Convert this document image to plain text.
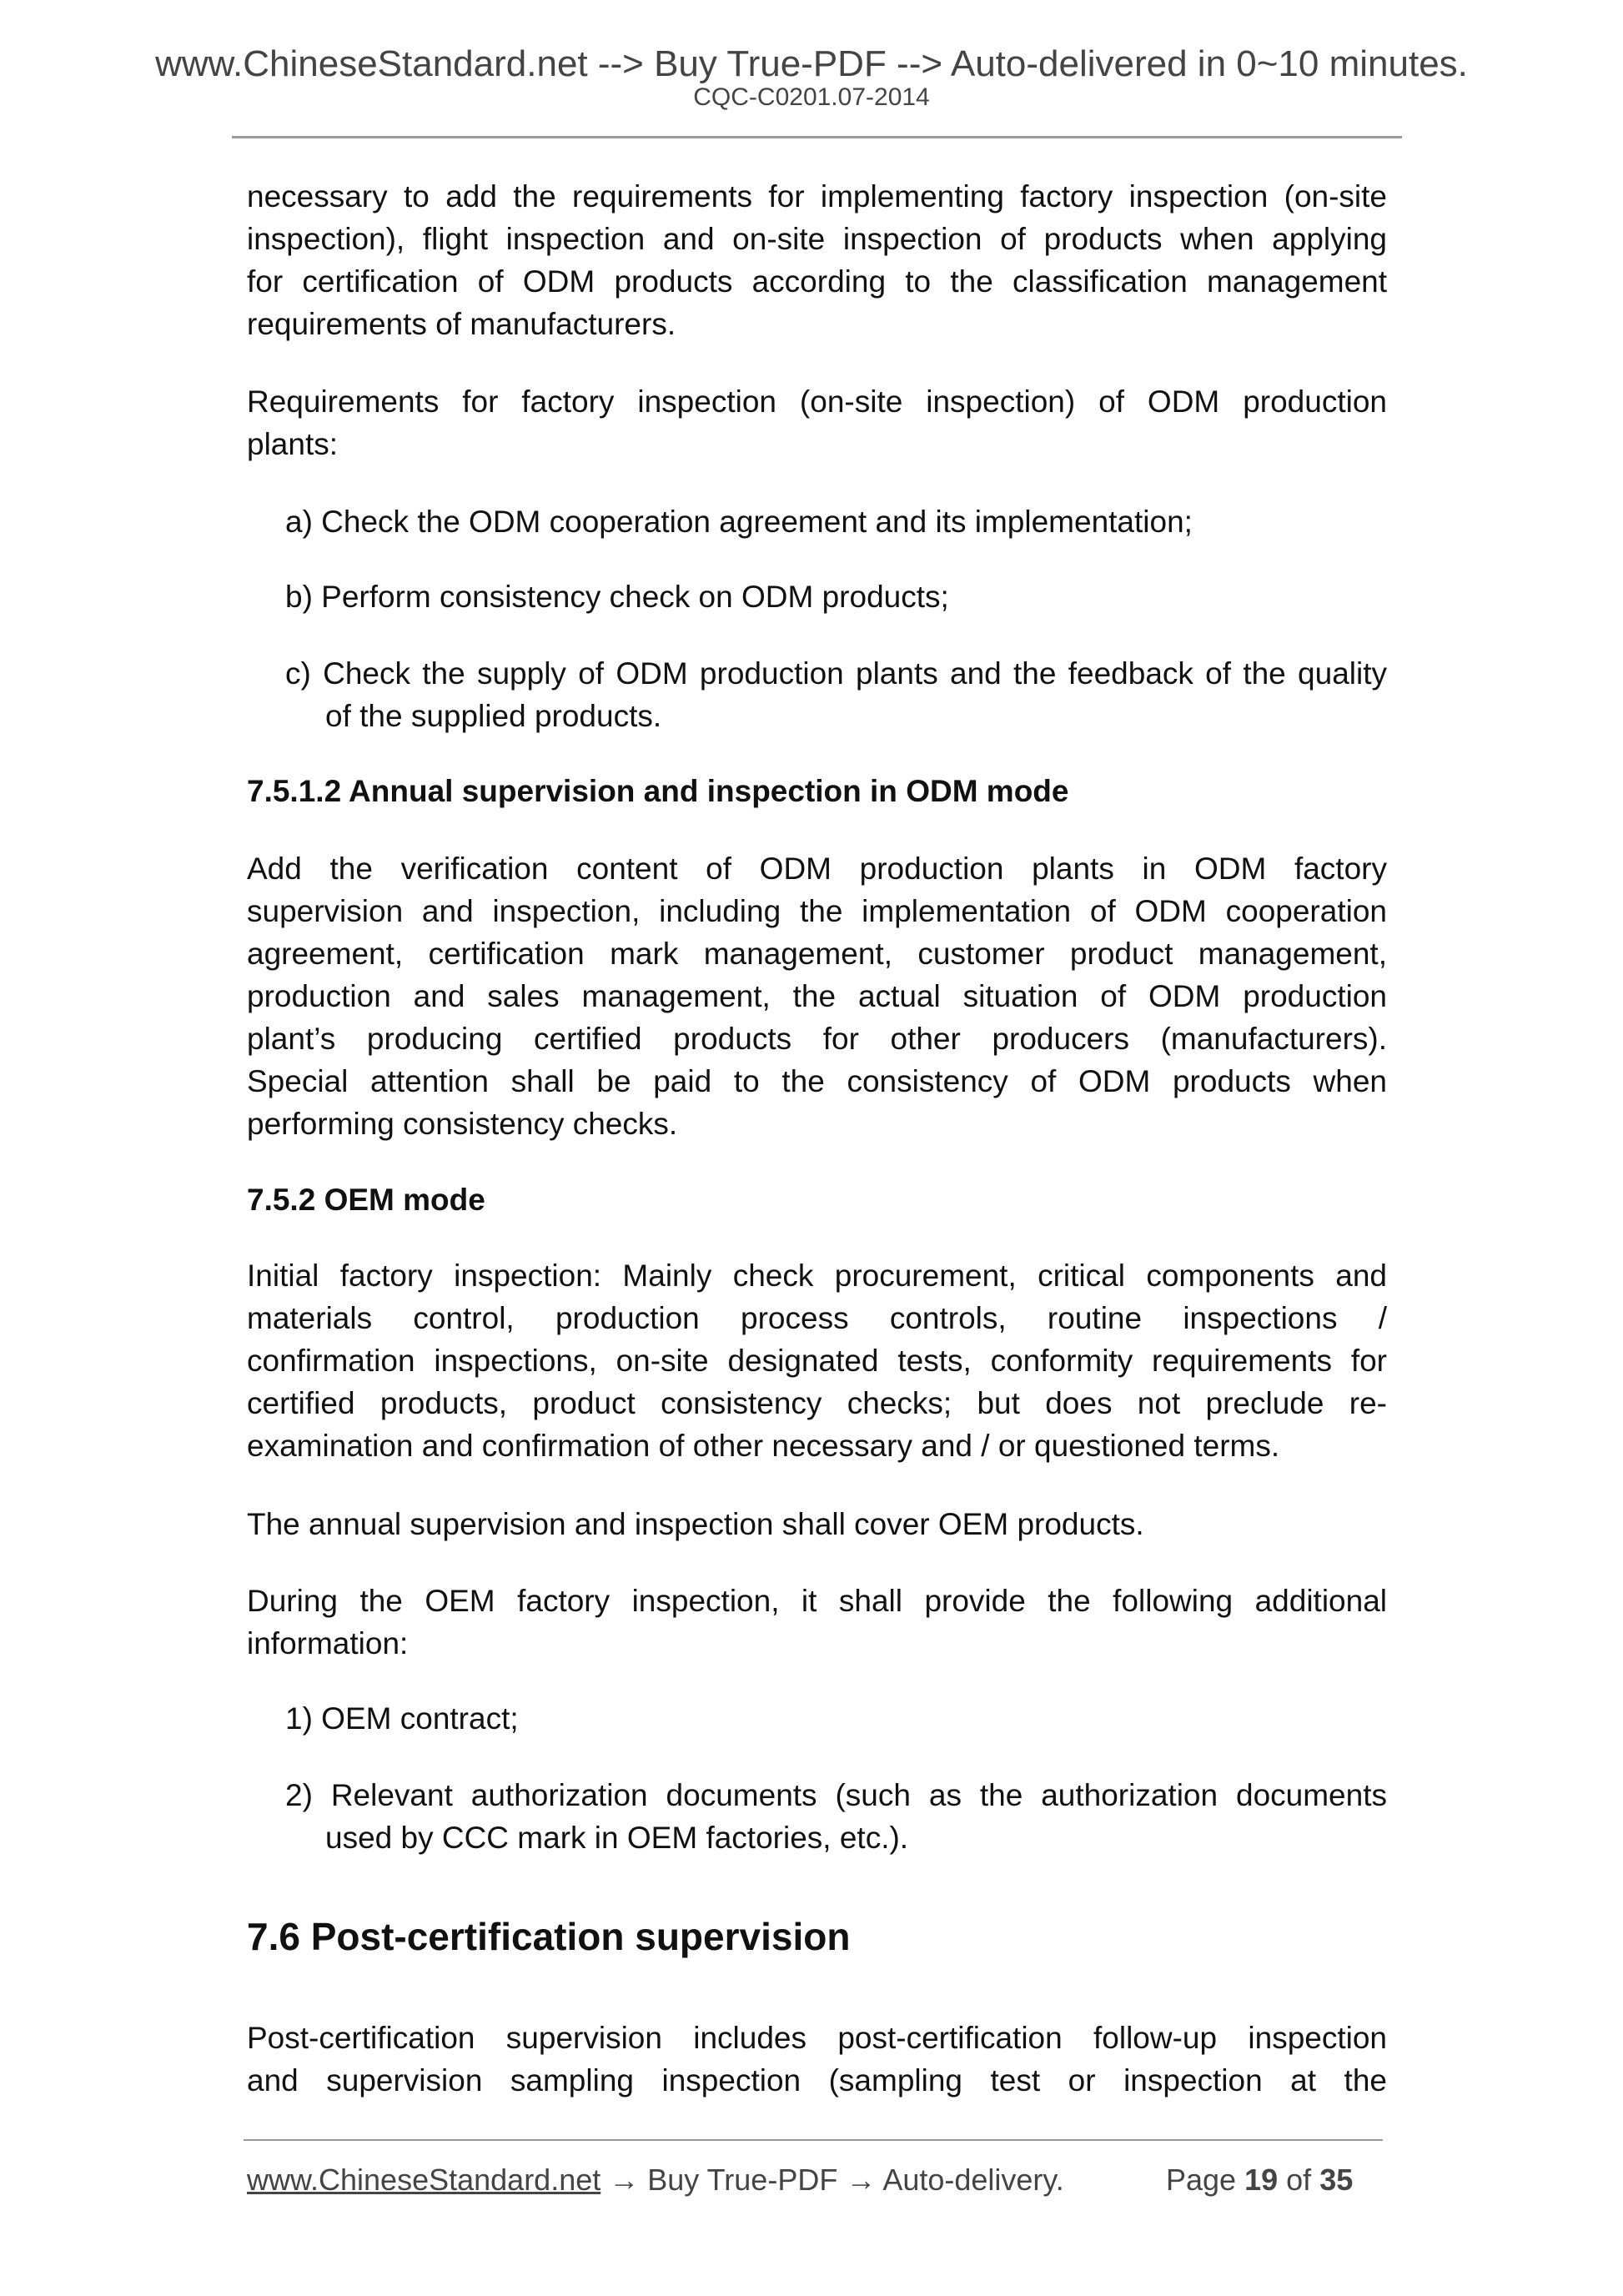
www.ChineseStandard.net --> Buy True-PDF --> Auto-delivered in 0~10 minutes.
CQC-C0201.07-2014
necessary to add the requirements for implementing factory inspection (on-site
inspection), flight inspection and on-site inspection of products when applying
for certification of ODM products according to the classification management
requirements of manufacturers.
Requirements for factory inspection (on-site inspection) of ODM production
plants:
a) Check the ODM cooperation agreement and its implementation;
b) Perform consistency check on ODM products;
c) Check the supply of ODM production plants and the feedback of the quality
of the supplied products.
Add the verification content of ODM production plants in ODM factory
supervision and inspection, including the implementation of ODM cooperation
agreement, certification mark management, customer product management,
production and sales management, the actual situation of ODM production
plant’s producing certified products for other producers (manufacturers).
Special attention shall be paid to the consistency of ODM products when
performing consistency checks.
Initial factory inspection: Mainly check procurement, critical components and
materials control, production process controls, routine inspections /
confirmation inspections, on-site designated tests, conformity requirements for
certified products, product consistency checks; but does not preclude re-
examination and confirmation of other necessary and / or questioned terms.
The annual supervision and inspection shall cover OEM products.
During the OEM factory inspection, it shall provide the following additional
information:
1) OEM contract;
2) Relevant authorization documents (such as the authorization documents
used by CCC mark in OEM factories, etc.).
Post-certification supervision includes post-certification follow-up inspection
and supervision sampling inspection (sampling test or inspection at the
7.5.1.2 Annual supervision and inspection in ODM mode
7.5.2 OEM mode
7.6 Post-certification supervision
www.ChineseStandard.net → Buy True-PDF → Auto-delivery.	Page 19 of 35
